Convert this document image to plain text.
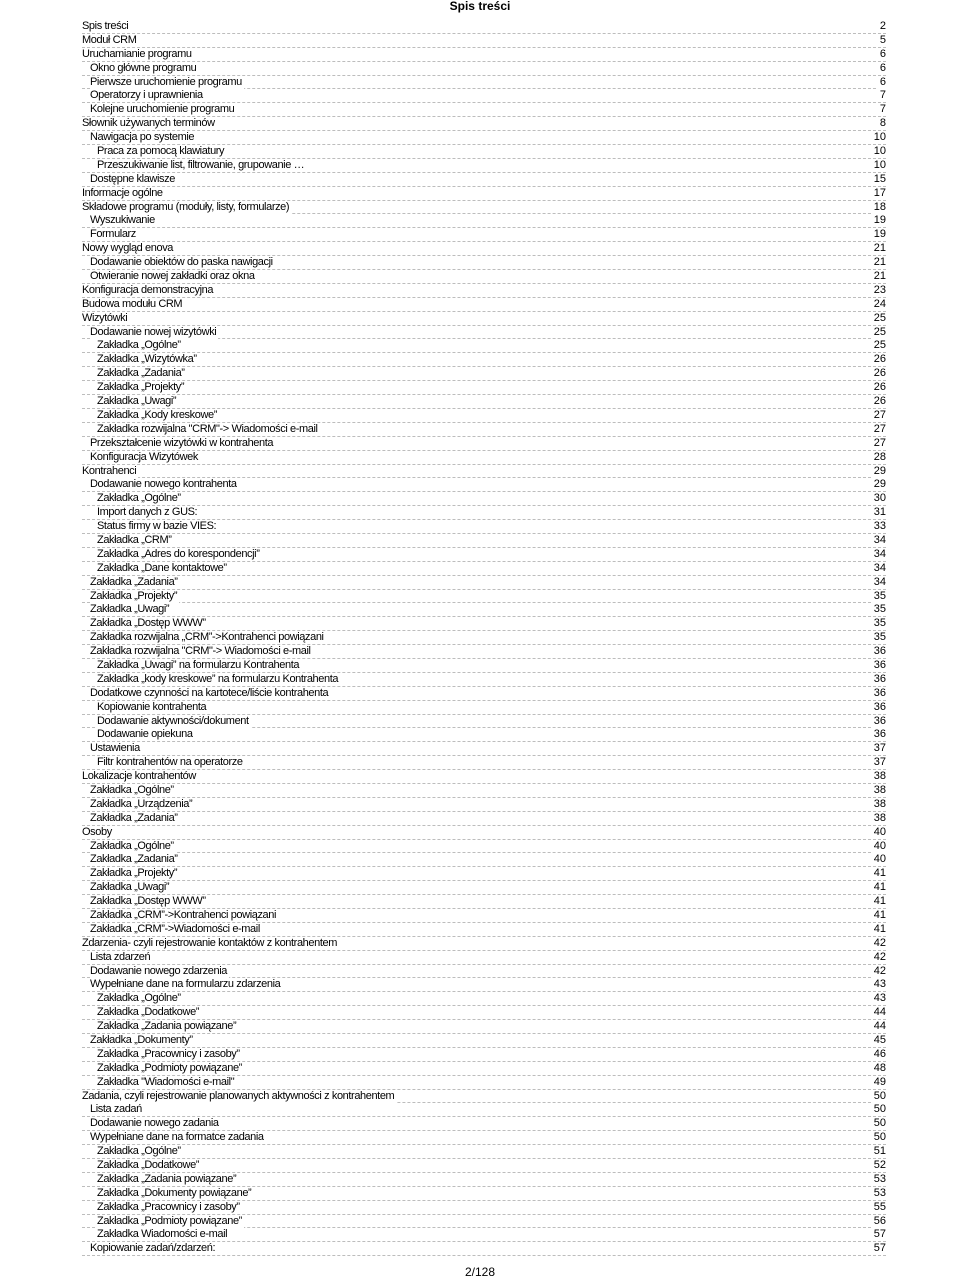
Spis treści
Spis treści	2
Moduł CRM	5
Uruchamianie programu	6
Okno główne programu	6
Pierwsze uruchomienie programu	6
Operatorzy i uprawnienia	7
Kolejne uruchomienie programu	7
Słownik używanych terminów	8
Nawigacja po systemie	10
Praca za pomocą klawiatury	10
Przeszukiwanie list, filtrowanie, grupowanie …	10
Dostępne klawisze	15
Informacje ogólne	17
Składowe programu (moduły, listy, formularze)	18
Wyszukiwanie	19
Formularz	19
Nowy wygląd enova	21
Dodawanie obiektów do paska nawigacji	21
Otwieranie nowej zakładki oraz okna	21
Konfiguracja demonstracyjna	23
Budowa modułu CRM	24
Wizytówki	25
Dodawanie nowej wizytówki	25
Zakładka „Ogólne”	25
Zakładka „Wizytówka”	26
Zakładka „Zadania”	26
Zakładka „Projekty”	26
Zakładka „Uwagi”	26
Zakładka „Kody kreskowe”	27
Zakładka rozwijalna "CRM"-> Wiadomości e-mail	27
Przekształcenie wizytówki w kontrahenta	27
Konfiguracja Wizytówek	28
Kontrahenci	29
Dodawanie nowego kontrahenta	29
Zakładka „Ogólne”	30
Import danych z GUS:	31
Status firmy w bazie VIES:	33
Zakładka „CRM”	34
Zakładka „Adres do korespondencji”	34
Zakładka „Dane kontaktowe”	34
Zakładka „Zadania”	34
Zakładka „Projekty”	35
Zakładka „Uwagi”	35
Zakładka „Dostęp WWW”	35
Zakładka rozwijalna „CRM”->Kontrahenci powiązani	35
Zakładka rozwijalna "CRM"-> Wiadomości e-mail	36
Zakładka „Uwagi” na formularzu Kontrahenta	36
Zakładka „kody kreskowe” na formularzu Kontrahenta	36
Dodatkowe czynności na kartotece/liście kontrahenta	36
Kopiowanie kontrahenta	36
Dodawanie aktywności/dokument	36
Dodawanie opiekuna	36
Ustawienia	37
Filtr kontrahentów na operatorze	37
Lokalizacje kontrahentów	38
Zakładka „Ogólne”	38
Zakładka „Urządzenia”	38
Zakładka „Zadania”	38
Osoby	40
Zakładka „Ogólne”	40
Zakładka „Zadania”	40
Zakładka „Projekty”	41
Zakładka „Uwagi”	41
Zakładka „Dostęp WWW”	41
Zakładka „CRM”->Kontrahenci powiązani	41
Zakładka „CRM”->Wiadomości e-mail	41
Zdarzenia- czyli rejestrowanie kontaktów z kontrahentem	42
Lista zdarzeń	42
Dodawanie nowego zdarzenia	42
Wypełniane dane na formularzu zdarzenia	43
Zakładka „Ogólne”	43
Zakładka „Dodatkowe”	44
Zakładka „Zadania powiązane”	44
Zakładka „Dokumenty”	45
Zakładka „Pracownicy i zasoby”	46
Zakładka „Podmioty powiązane”	48
Zakładka "Wiadomości e-mail"	49
Zadania, czyli rejestrowanie planowanych aktywności z kontrahentem	50
Lista zadań	50
Dodawanie nowego zadania	50
Wypełniane dane na formatce zadania	50
Zakładka „Ogólne”	51
Zakładka „Dodatkowe”	52
Zakładka „Zadania powiązane”	53
Zakładka „Dokumenty powiązane”	53
Zakładka „Pracownicy i zasoby”	55
Zakładka „Podmioty powiązane”	56
Zakładka Wiadomości e-mail	57
Kopiowanie zadań/zdarzeń:	57
2/128
